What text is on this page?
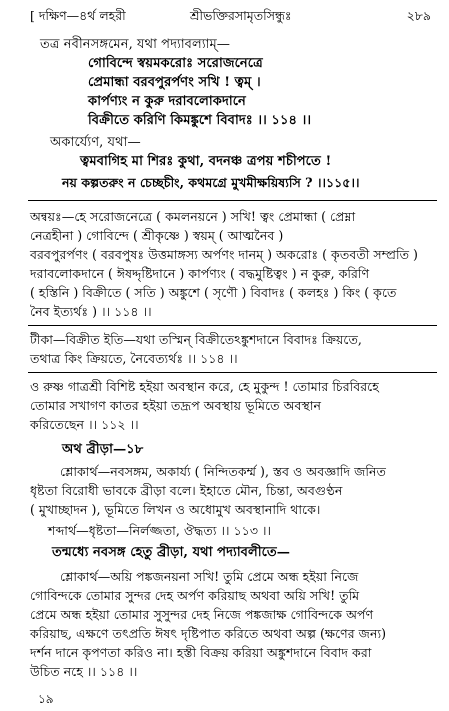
[ দক্ষিণ—৪র্থ লহরী	শ্রীভক্তিরসামৃতসিন্ধুঃ	২৮৯
তত্র নবীনসঙ্গমেন, যথা পদ্যাবল্যাম্—
গোবিন্দে স্বয়মকরোঃ সরোজনেত্রে
প্রেমান্ধা বরবপুরর্পণং সখি ! ত্বম্ ।
কার্পণ্যং ন কুরু দরাবলোকদানে
বিক্রীতে করিণি কিমঙ্কুশে বিবাদঃ ।। ১১৪ ।।
অকার্য্যেণ, যথা—
ত্বমবাগিহ মা শিরঃ কুথা, বদনঞ্চ ত্রপয় শচীপতে !
নয় কল্পতরুং ন চেচ্ছচীং, কথমগ্রে মুখমীক্ষয়িষ্যসি ? ।।১১৫।।
অন্বয়ঃ—হে সরোজনেত্রে ( কমলনয়নে ) সখি! ত্বং প্রেমান্ধা ( প্রেম্না
নেত্রহীনা ) গোবিন্দে ( শ্রীকৃষ্ণে ) স্বয়ম্ ( আত্মনৈব )
বরবপুরর্পণং ( বরবপুষঃ উত্তমাঙ্গস্য অর্পণং দানম্ ) অকরোঃ ( কৃতবতী সম্প্রতি )
দরাবলোকদানে ( ঈষদ্দৃষ্টিদানে ) কার্পণ্যং ( বদ্ধমুষ্টিত্বং ) ন কুরু, করিণি
( হস্তিনি ) বিক্রীতে ( সতি ) অঙ্কুশে ( সৃণৌ ) বিবাদঃ ( কলহঃ ) কিং ( কৃতে
নৈব ইত্যর্থঃ ) ।। ১১৪ ।।
টীকা—বিক্রীত ইতি—যথা তস্মিন্ বিক্রীতেঽঙ্কুশদানে বিবাদঃ ক্রিয়তে,
তথাত্র কিং ক্রিয়তে, নৈবেত্যর্থঃ ।। ১১৪ ।।
ও রুষ্ণ গাত্রশ্রী বিশিষ্ট হইয়া অবস্থান করে, হে মুকুন্দ ! তোমার চিরবিরহে
তোমার সখাগণ কাতর হইয়া তদ্রূপ অবস্থায় ভূমিতে অবস্থান
করিতেছেন ।। ১১২ ।।
অথ ব্রীড়া—১৮
শ্লোকার্থ—নবসঙ্গম, অকার্য্য ( নিন্দিতকর্ম্ম ), স্তব ও অবজ্ঞাদি জনিত
ধৃষ্টতা বিরোধী ভাবকে ব্রীড়া বলে। ইহাতে মৌন, চিন্তা, অবগুণ্ঠন
( মুখাচ্ছাদন ), ভূমিতে লিখন ও অধোমুখ অবস্থানাদি থাকে।
শব্দার্থ—ধৃষ্টতা—নির্লজ্জতা, ঔদ্ধত্য ।। ১১৩ ।।
তন্মধ্যে নবসঙ্গ হেতু ব্রীড়া, যথা পদ্যাবলীতে—
শ্লোকার্থ—অয়ি পঙ্কজনয়না সখি! তুমি প্রেমে অন্ধ হইয়া নিজে
গোবিন্দকে তোমার সুন্দর দেহ অর্পণ করিয়াছ অথবা অয়ি সখি! তুমি
প্রেমে অন্ধ হইয়া তোমার সুসুন্দর দেহ নিজে পঙ্কজাক্ষ গোবিন্দকে অর্পণ
করিয়াছ, এক্ষণে তৎপ্রতি ঈষৎ দৃষ্টিপাত করিতে অথবা অল্প (ক্ষণের জন্য)
দর্শন দানে কৃপণতা করিও না। হস্তী বিক্রয় করিয়া অঙ্কুশদানে বিবাদ করা
উচিত নহে ।। ১১৪ ।।
১৯
